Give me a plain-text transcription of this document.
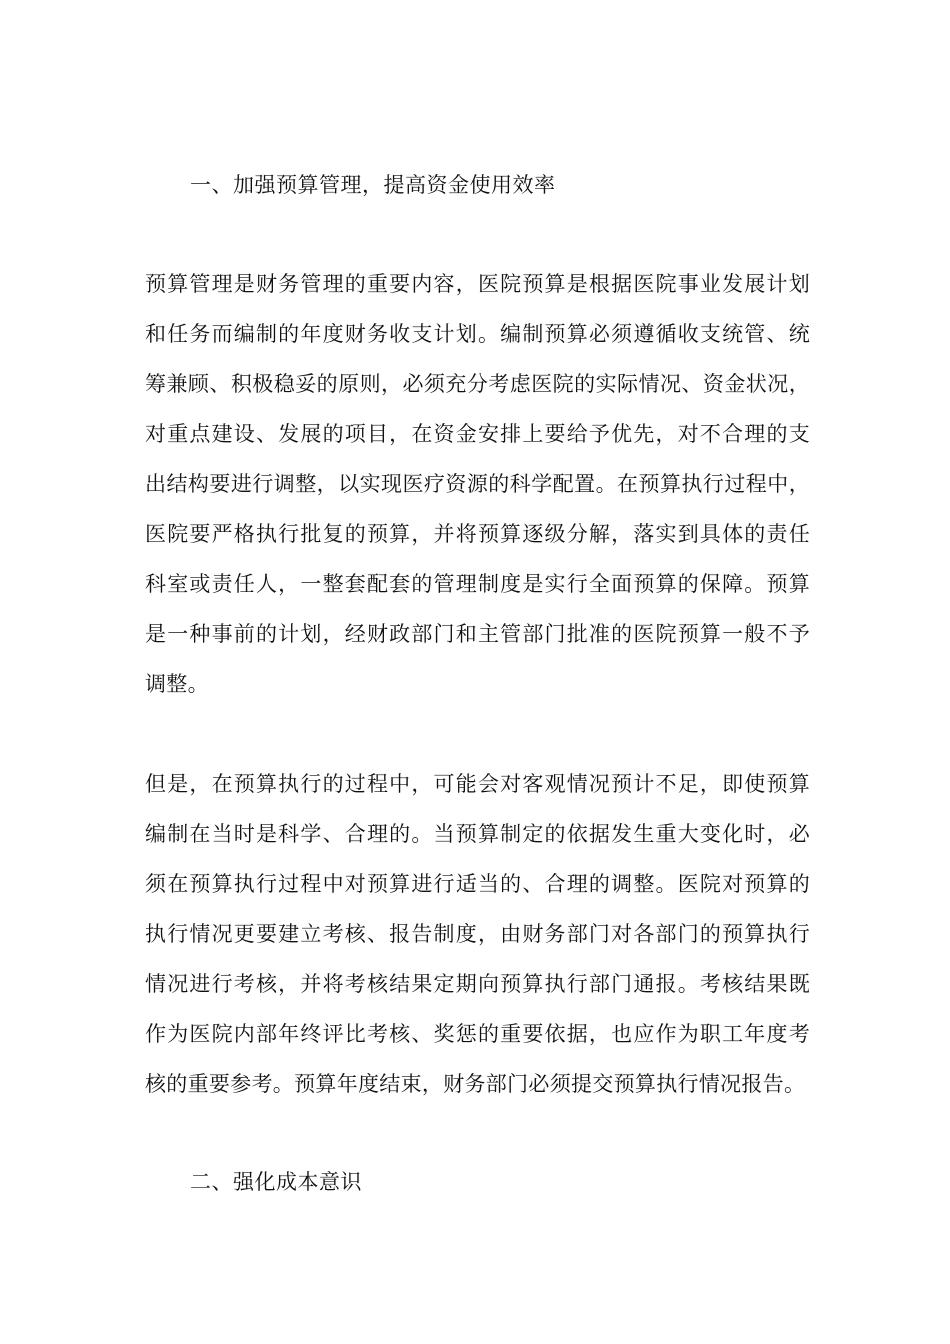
一、加强预算管理，提高资金使用效率
预算管理是财务管理的重要内容，医院预算是根据医院事业发展计划
和任务而编制的年度财务收支计划。编制预算必须遵循收支统管、统
筹兼顾、积极稳妥的原则，必须充分考虑医院的实际情况、资金状况，
对重点建设、发展的项目，在资金安排上要给予优先，对不合理的支
出结构要进行调整，以实现医疗资源的科学配置。在预算执行过程中，
医院要严格执行批复的预算，并将预算逐级分解，落实到具体的责任
科室或责任人，一整套配套的管理制度是实行全面预算的保障。预算
是一种事前的计划，经财政部门和主管部门批准的医院预算一般不予
调整。
但是，在预算执行的过程中，可能会对客观情况预计不足，即使预算
编制在当时是科学、合理的。当预算制定的依据发生重大变化时，必
须在预算执行过程中对预算进行适当的、合理的调整。医院对预算的
执行情况更要建立考核、报告制度，由财务部门对各部门的预算执行
情况进行考核，并将考核结果定期向预算执行部门通报。考核结果既
作为医院内部年终评比考核、奖惩的重要依据，也应作为职工年度考
核的重要参考。预算年度结束，财务部门必须提交预算执行情况报告。
二、强化成本意识
